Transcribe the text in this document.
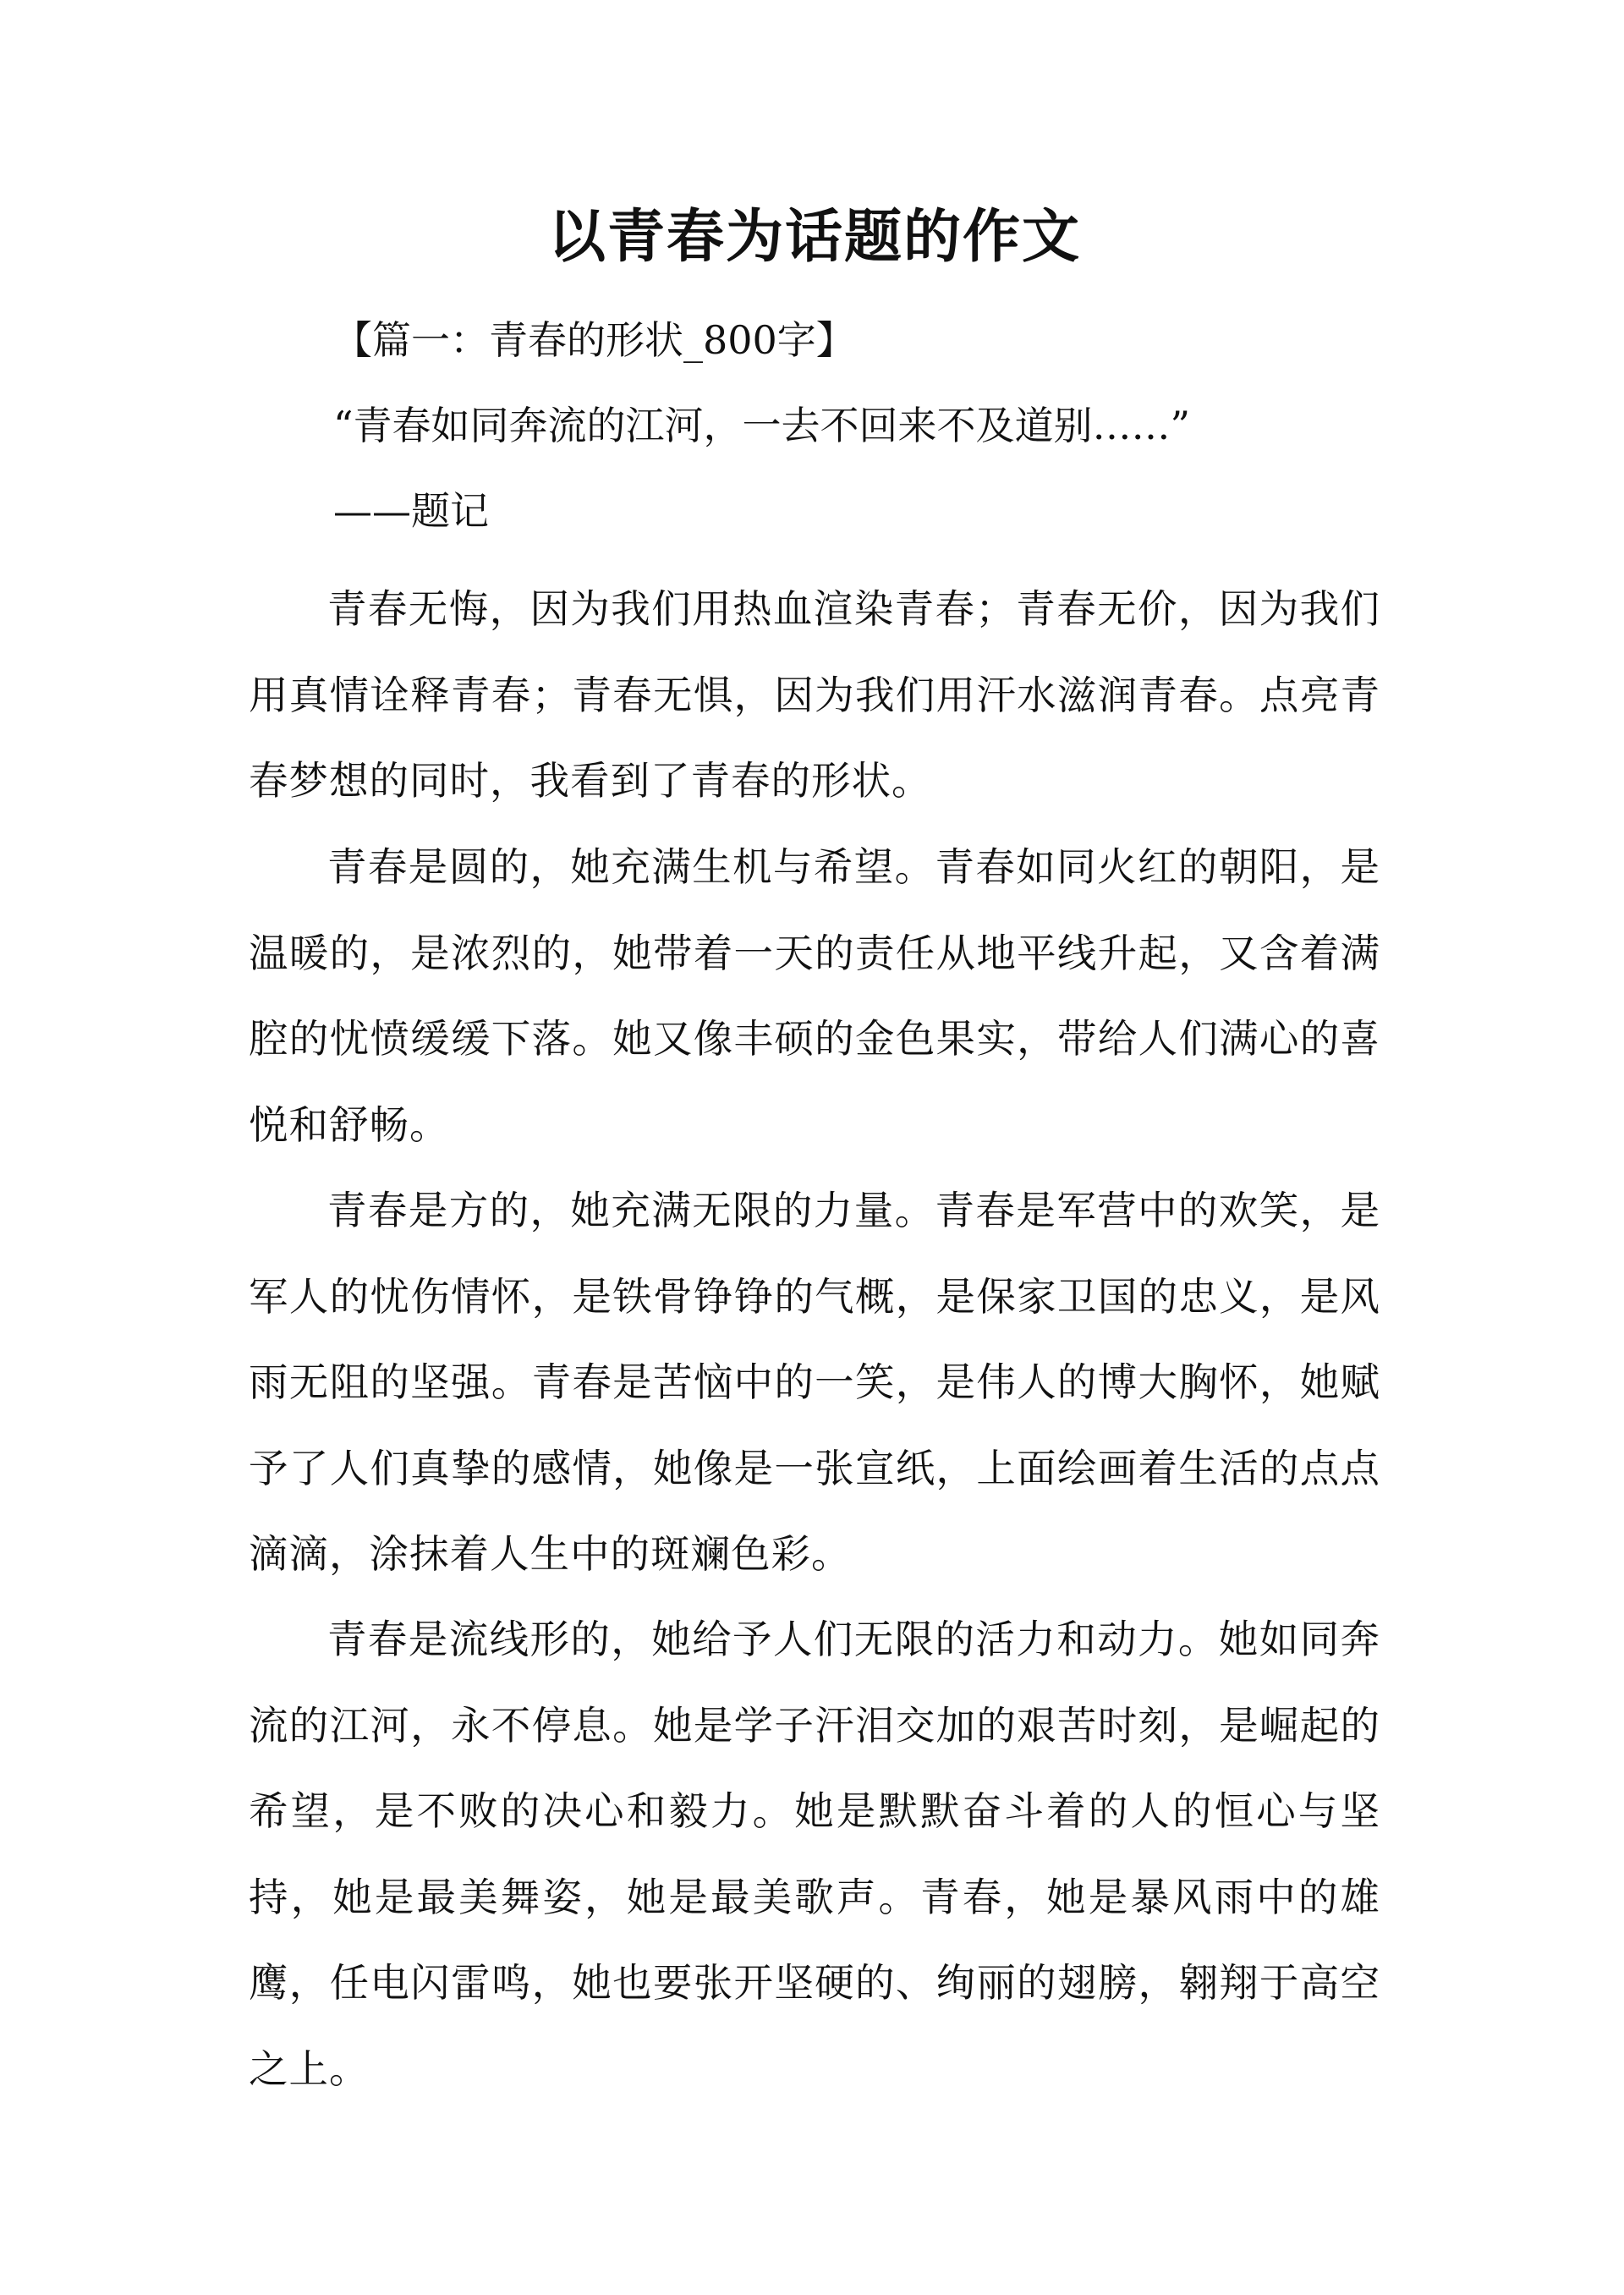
以青春为话题的作文
【篇一：青春的形状_800字】
“青春如同奔流的江河，一去不回来不及道别……”
——题记

青春无悔，因为我们用热血渲染青春；青春无价，因为我们用真情诠释青春；青春无惧，因为我们用汗水滋润青春。点亮青春梦想的同时，我看到了青春的形状。

青春是圆的，她充满生机与希望。青春如同火红的朝阳，是温暖的，是浓烈的，她带着一天的责任从地平线升起，又含着满腔的忧愤缓缓下落。她又像丰硕的金色果实，带给人们满心的喜悦和舒畅。

青春是方的，她充满无限的力量。青春是军营中的欢笑，是军人的忧伤情怀，是铁骨铮铮的气概，是保家卫国的忠义，是风雨无阻的坚强。青春是苦恼中的一笑，是伟人的博大胸怀，她赋予了人们真挚的感情，她像是一张宣纸，上面绘画着生活的点点滴滴，涂抹着人生中的斑斓色彩。

青春是流线形的，她给予人们无限的活力和动力。她如同奔流的江河，永不停息。她是学子汗泪交加的艰苦时刻，是崛起的希望，是不败的决心和毅力。她是默默奋斗着的人的恒心与坚持，她是最美舞姿，她是最美歌声。青春，她是暴风雨中的雄鹰，任电闪雷鸣，她也要张开坚硬的、绚丽的翅膀，翱翔于高空之上。
